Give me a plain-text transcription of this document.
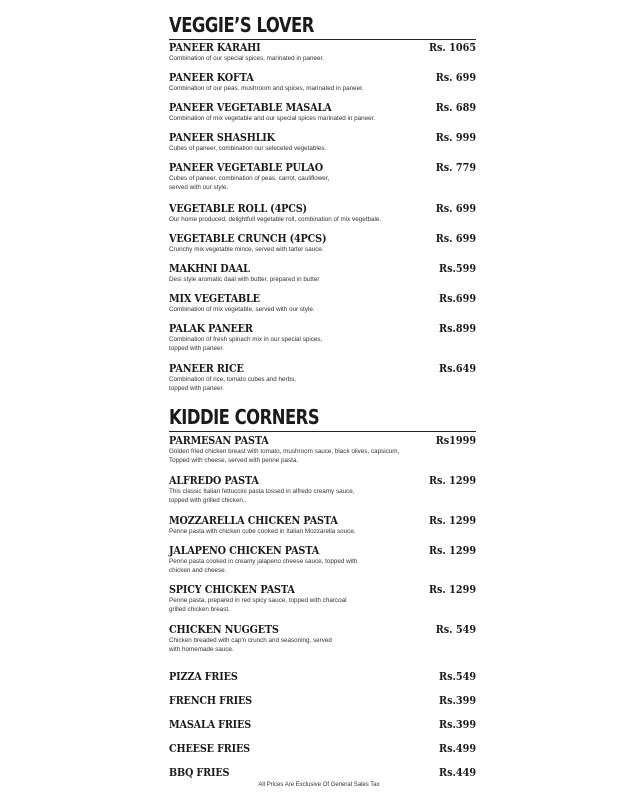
VEGGIE’S LOVER
PANEER KARAHI	Rs. 1065
Combination of our special spices, marinated in paneer.
PANEER KOFTA	Rs. 699
Combination of our peas, mushroom and spices, marinated in paneer.
PANEER VEGETABLE MASALA	Rs. 689
Combination of mix vegetable and our special spices marinated in paneer.
PANEER SHASHLIK	Rs. 999
Cubes of paneer, combination our seleceted vegetables.
PANEER VEGETABLE PULAO	Rs. 779
Cubes of paneer, combination of peas, carrot, cauliflower,
served with our style.
VEGETABLE ROLL (4PCS)	Rs. 699
Our home produced, delightfull vegetable roll, combination of mix vegetbale.
VEGETABLE CRUNCH (4PCS)	Rs. 699
Crunchy mix vegetable mince, served with tarter sauce.
MAKHNI DAAL	Rs.599
Desi style aromatic daal with butter, prepared in butter
MIX VEGETABLE	Rs.699
Combination of mix vegetable, served with our style.
PALAK PANEER	Rs.899
Combination of fresh spinach mix in our special spices,
topped with paneer.
PANEER RICE	Rs.649
Combination of rice, tomato cubes and herbs,
topped with paneer.
KIDDIE CORNERS
PARMESAN PASTA	Rs1999
Golden fried chicken breast with tomato, mushroom sauce, black olives, capsicum,
Topped with cheese, served with penne pasta.
ALFREDO PASTA	Rs. 1299
This classic Italian fettuccini pasta tossed in alfredo creamy sauce,
topped with grilled chicken..
MOZZARELLA CHICKEN PASTA	Rs. 1299
Penne pasta with chicken cube cooked in Italian Mozzarella souce.
JALAPENO CHICKEN PASTA	Rs. 1299
Penne pasta cooked in creamy jalapeno cheese sauce, topped with
chicken and cheese.
SPICY CHICKEN PASTA	Rs. 1299
Penne pasta, prepared in red spicy sauce, topped with charcoal
grilled chicken breast.
CHICKEN NUGGETS	Rs. 549
Chicken breaded with cap'n crunch and seasoning, served
with homemade sauce.
PIZZA FRIES	Rs.549
FRENCH FRIES	Rs.399
MASALA FRIES	Rs.399
CHEESE FRIES	Rs.499
BBQ FRIES	Rs.449
All Prices Are Exclusive Of General Sales Tax
